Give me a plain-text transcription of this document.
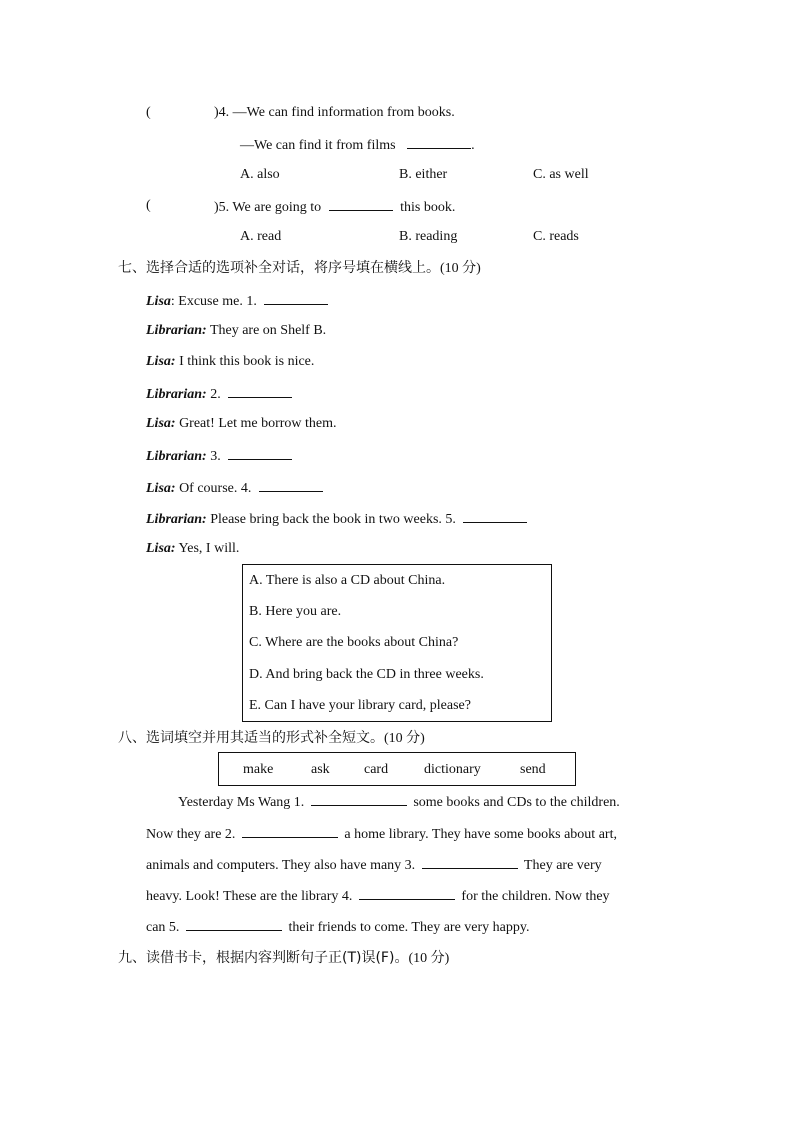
(	)4. —We can find information from books.
—We can find it from films	.
A. also	B. either	C. as well
(	)5. We are going to	this book.
A. read	B. reading	C. reads
七、选择合适的选项补全对话，将序号填在横线上。(10 分)
Lisa: Excuse me. 1.
Librarian: They are on Shelf B.
Lisa: I think this book is nice.
Librarian: 2.
Lisa: Great! Let me borrow them.
Librarian: 3.
Lisa: Of course. 4.
Librarian: Please bring back the book in two weeks. 5.
Lisa: Yes, I will.
A. There is also a CD about China.
B. Here you are.
C. Where are the books about China?
D. And bring back the CD in three weeks.
E. Can I have your library card, please?
八、选词填空并用其适当的形式补全短文。(10 分)
make	ask card	dictionary	send
Yesterday Ms Wang 1.	some books and CDs to the children.
Now they are 2.	a home library. They have some books about art,
animals and computers. They also have many 3.	They are very
heavy. Look! These are the library 4.	for the children. Now they
can 5.	their friends to come. They are very happy.
九、读借书卡，根据内容判断句子正(T)误(F)。(10 分)
